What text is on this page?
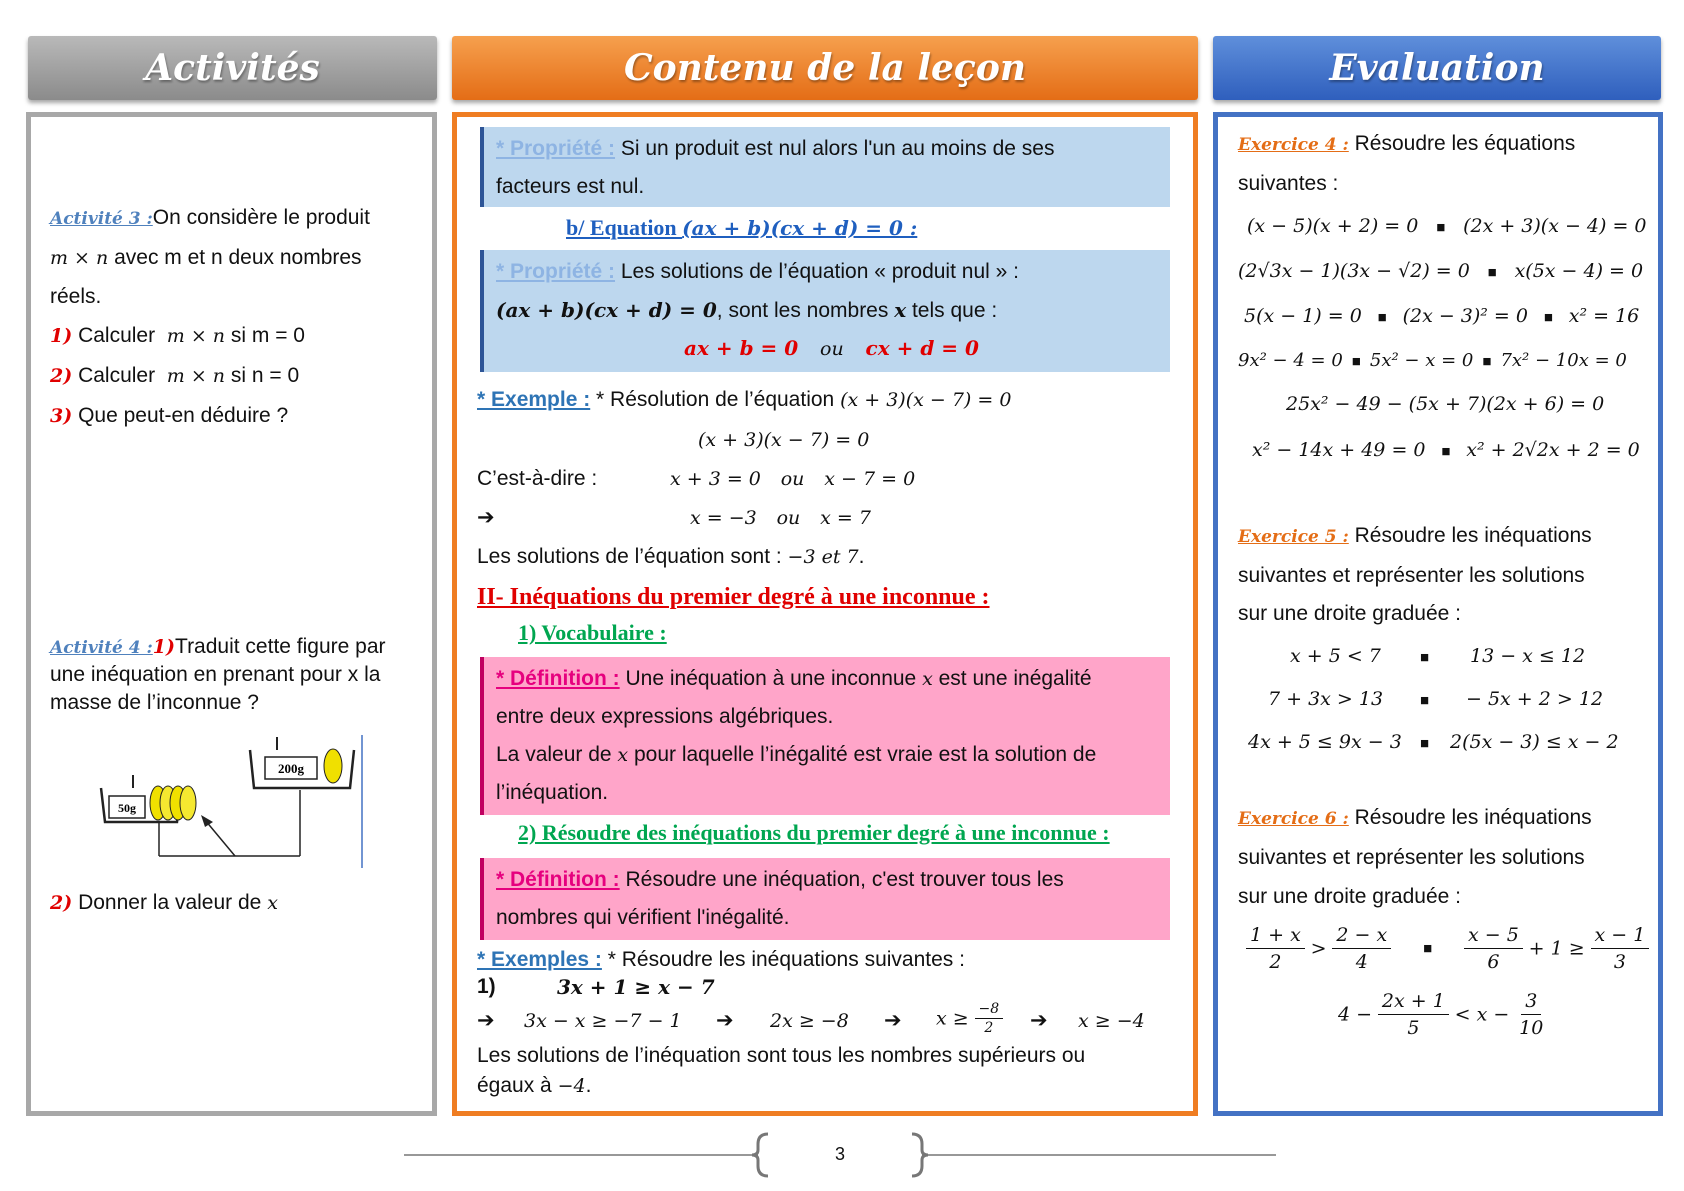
Activités	Contenu de la leçon	Evaluation
Activité 3 :On considère le produit
m × n avec m et n deux nombres
réels.
1) Calculer m × n si m = 0
2) Calculer m × n si n = 0
3) Que peut-en déduire ?
Activité 4 :1)Traduit cette figure par
une inéquation en prenant pour x la
masse de l’inconnue ?
50g
200g
2) Donner la valeur de x
* Propriété : Si un produit est nul alors l'un au moins de ses
facteurs est nul.
b/ Equation (ax + b)(cx + d) = 0 :
* Propriété : Les solutions de l’équation « produit nul » :
(ax + b)(cx + d) = 0, sont les nombres x tels que :
ax + b = 0 ou cx + d = 0
* Exemple : * Résolution de l’équation (x + 3)(x − 7) = 0
(x + 3)(x − 7) = 0
C’est-à-dire :	x + 3 = 0 ou x − 7 = 0
➔	x = −3 ou x = 7
Les solutions de l’équation sont : −3 et 7.
II- Inéquations du premier degré à une inconnue :
1) Vocabulaire :
* Définition : Une inéquation à une inconnue x est une inégalité
entre deux expressions algébriques.
La valeur de x pour laquelle l’inégalité est vraie est la solution de
l’inéquation.
2) Résoudre des inéquations du premier degré à une inconnue :
* Définition : Résoudre une inéquation, c'est trouver tous les
nombres qui vérifient l'inégalité.
* Exemples : * Résoudre les inéquations suivantes :
1)	3x + 1 ≥ x − 7
➔ 3x − x ≥ −7 − 1 ➔ 2x ≥ −8 ➔ $x \ge \frac{-8}{2}$ ➔ x ≥ −4
Les solutions de l’inéquation sont tous les nombres supérieurs ou
égaux à −4.
Exercice 4 : Résoudre les équations
suivantes :
(x − 5)(x + 2) = 0 ■ (2x + 3)(x − 4) = 0
(2√3x − 1)(3x − √2) = 0 ■ x(5x − 4) = 0
5(x − 1) = 0 ■ (2x − 3)² = 0 ■ x² = 16
9x² − 4 = 0 ■ 5x² − x = 0 ■ 7x² − 10x = 0
25x² − 49 − (5x + 7)(2x + 6) = 0
x² − 14x + 49 = 0 ■ x² + 2√2x + 2 = 0
Exercice 5 : Résoudre les inéquations
suivantes et représenter les solutions
sur une droite graduée :
x + 5 < 7	■ 13 − x ≤ 12
7 + 3x > 13 ■ − 5x + 2 > 12
4x + 5 ≤ 9x − 3 ■ 2(5x − 3) ≤ x − 2
Exercice 6 : Résoudre les inéquations
suivantes et représenter les solutions
sur une droite graduée :
$\frac{1 + x}{2} > \frac{2 - x}{4}$ ■ $\frac{x - 5}{6} + 1 \ge \frac{x - 1}{3}$
$4 - \frac{2x + 1}{5} < x - \frac{3}{10}$
3
